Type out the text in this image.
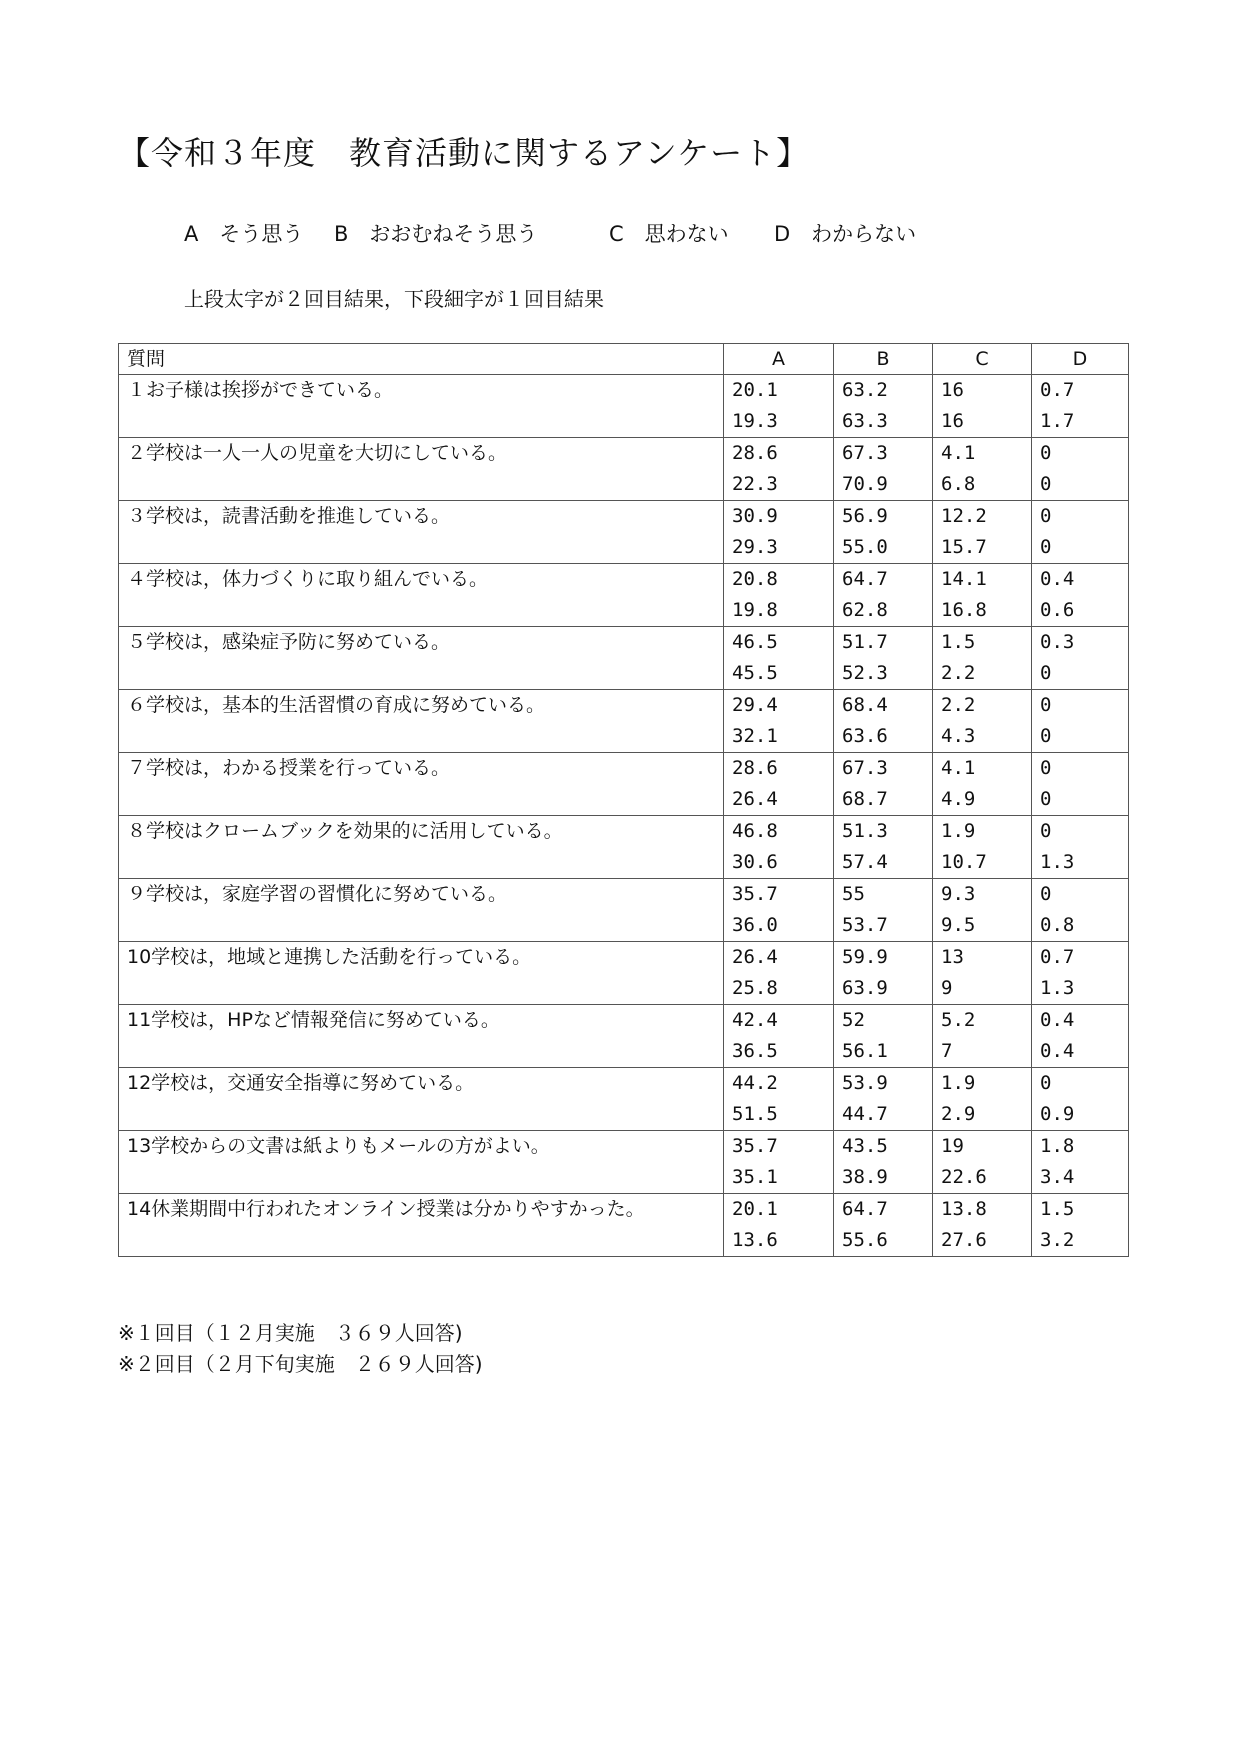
【令和３年度　教育活動に関するアンケート】
A　そう思う B　おおむねそう思う	C　思わない D　わからない
上段太字が２回目結果，下段細字が１回目結果
質問	A	B	C	D
１お子様は挨拶ができている。	20.1	63.2	16	0.7
	19.3	63.3	16	1.7
２学校は一人一人の児童を大切にしている。	28.6	67.3	4.1	0
	22.3	70.9	6.8	0
３学校は，読書活動を推進している。	30.9	56.9	12.2	0
	29.3	55.0	15.7	0
４学校は，体力づくりに取り組んでいる。	20.8	64.7	14.1	0.4
	19.8	62.8	16.8	0.6
５学校は，感染症予防に努めている。	46.5	51.7	1.5	0.3
	45.5	52.3	2.2	0
６学校は，基本的生活習慣の育成に努めている。	29.4	68.4	2.2	0
	32.1	63.6	4.3	0
７学校は，わかる授業を行っている。	28.6	67.3	4.1	0
	26.4	68.7	4.9	0
８学校はクロームブックを効果的に活用している。	46.8	51.3	1.9	0
	30.6	57.4	10.7	1.3
９学校は，家庭学習の習慣化に努めている。	35.7	55	9.3	0
	36.0	53.7	9.5	0.8
10学校は，地域と連携した活動を行っている。	26.4	59.9	13	0.7
	25.8	63.9	9	1.3
11学校は，HPなど情報発信に努めている。	42.4	52	5.2	0.4
	36.5	56.1	7	0.4
12学校は，交通安全指導に努めている。	44.2	53.9	1.9	0
	51.5	44.7	2.9	0.9
13学校からの文書は紙よりもメールの方がよい。	35.7	43.5	19	1.8
	35.1	38.9	22.6	3.4
14休業期間中行われたオンライン授業は分かりやすかった。	20.1	64.7	13.8	1.5
	13.6	55.6	27.6	3.2
※１回目（１２月実施　３６９人回答)
※２回目（２月下旬実施　２６９人回答)
